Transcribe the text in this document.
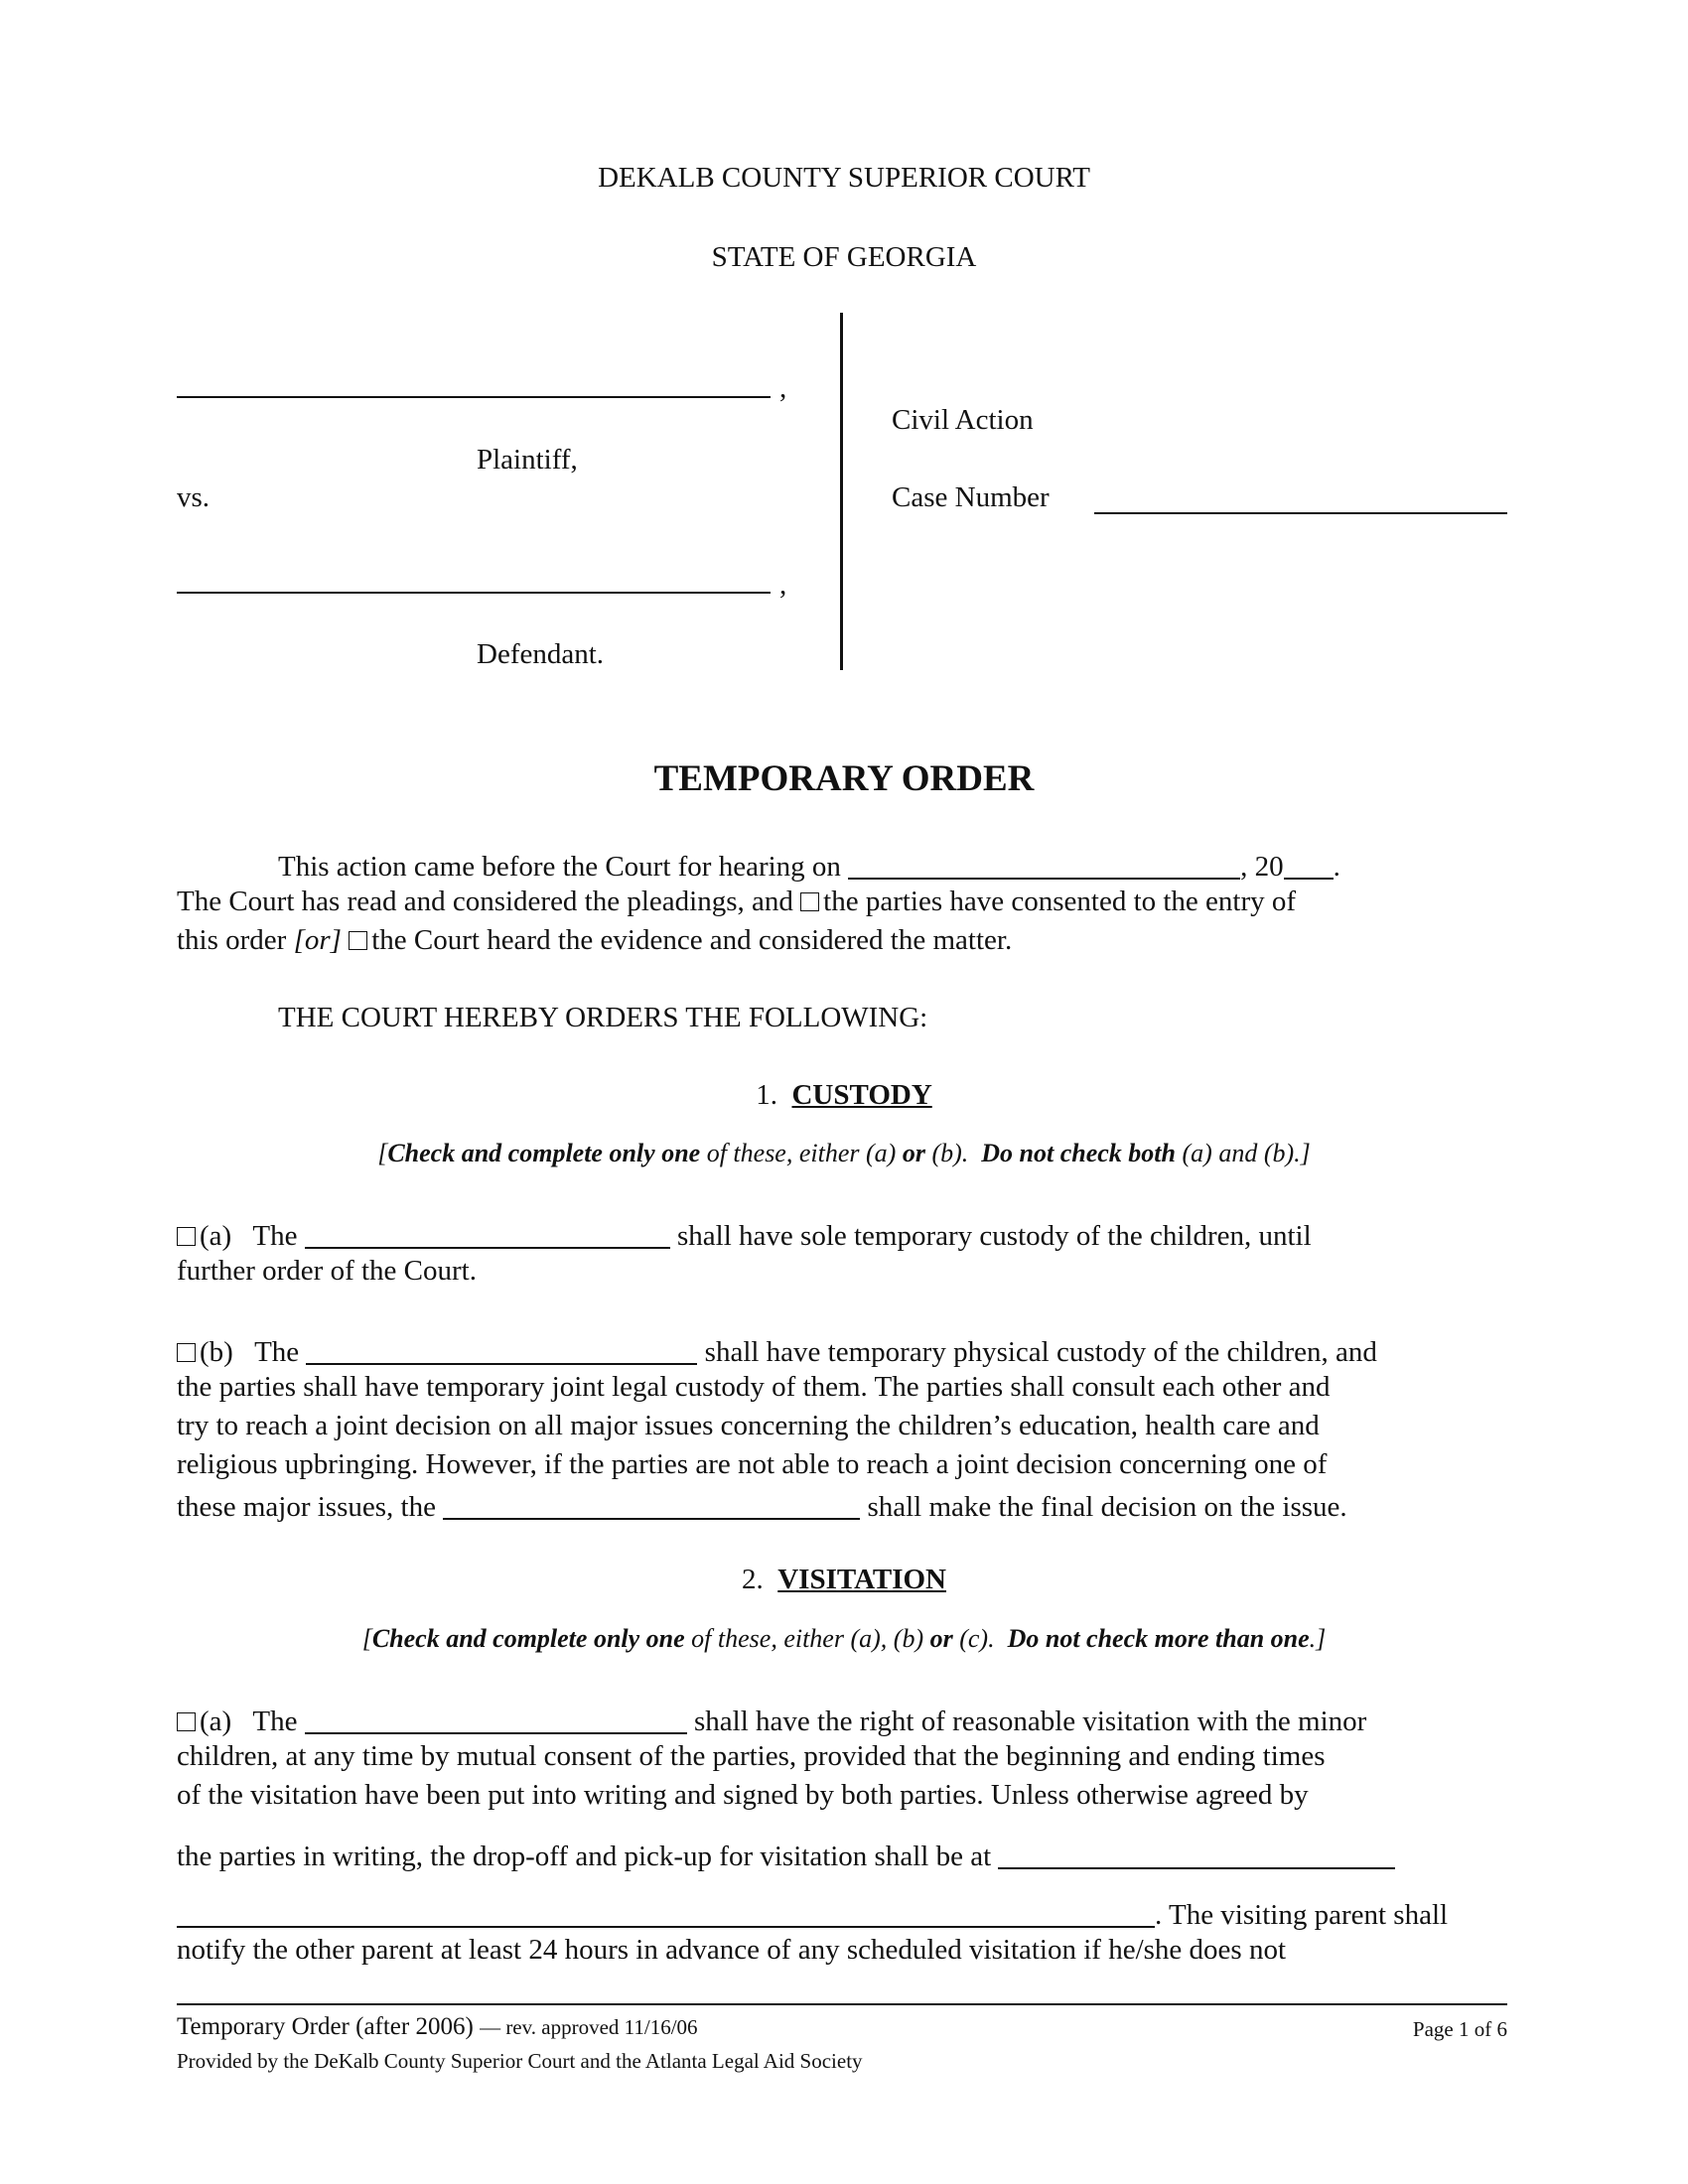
DEKALB COUNTY SUPERIOR COURT
STATE OF GEORGIA
,
Plaintiff,
vs.
,
Defendant.
Civil Action
Case Number
TEMPORARY ORDER
This action came before the Court for hearing on	, 20 .
The Court has read and considered the pleadings, and the parties have consented to the entry of
this order [or] the Court heard the evidence and considered the matter.
THE COURT HEREBY ORDERS THE FOLLOWING:
1. CUSTODY
[Check and complete only one of these, either (a) or (b). Do not check both (a) and (b).]
(a) The	shall have sole temporary custody of the children, until
further order of the Court.
(b) The	shall have temporary physical custody of the children, and
the parties shall have temporary joint legal custody of them. The parties shall consult each other and
try to reach a joint decision on all major issues concerning the children’s education, health care and
religious upbringing. However, if the parties are not able to reach a joint decision concerning one of
these major issues, the	shall make the final decision on the issue.
2. VISITATION
[Check and complete only one of these, either (a), (b) or (c). Do not check more than one.]
(a) The	shall have the right of reasonable visitation with the minor
children, at any time by mutual consent of the parties, provided that the beginning and ending times
of the visitation have been put into writing and signed by both parties. Unless otherwise agreed by
the parties in writing, the drop-off and pick-up for visitation shall be at
. The visiting parent shall
notify the other parent at least 24 hours in advance of any scheduled visitation if he/she does not
Temporary Order (after 2006) — rev. approved 11/16/06	Page 1 of 6
Provided by the DeKalb County Superior Court and the Atlanta Legal Aid Society
